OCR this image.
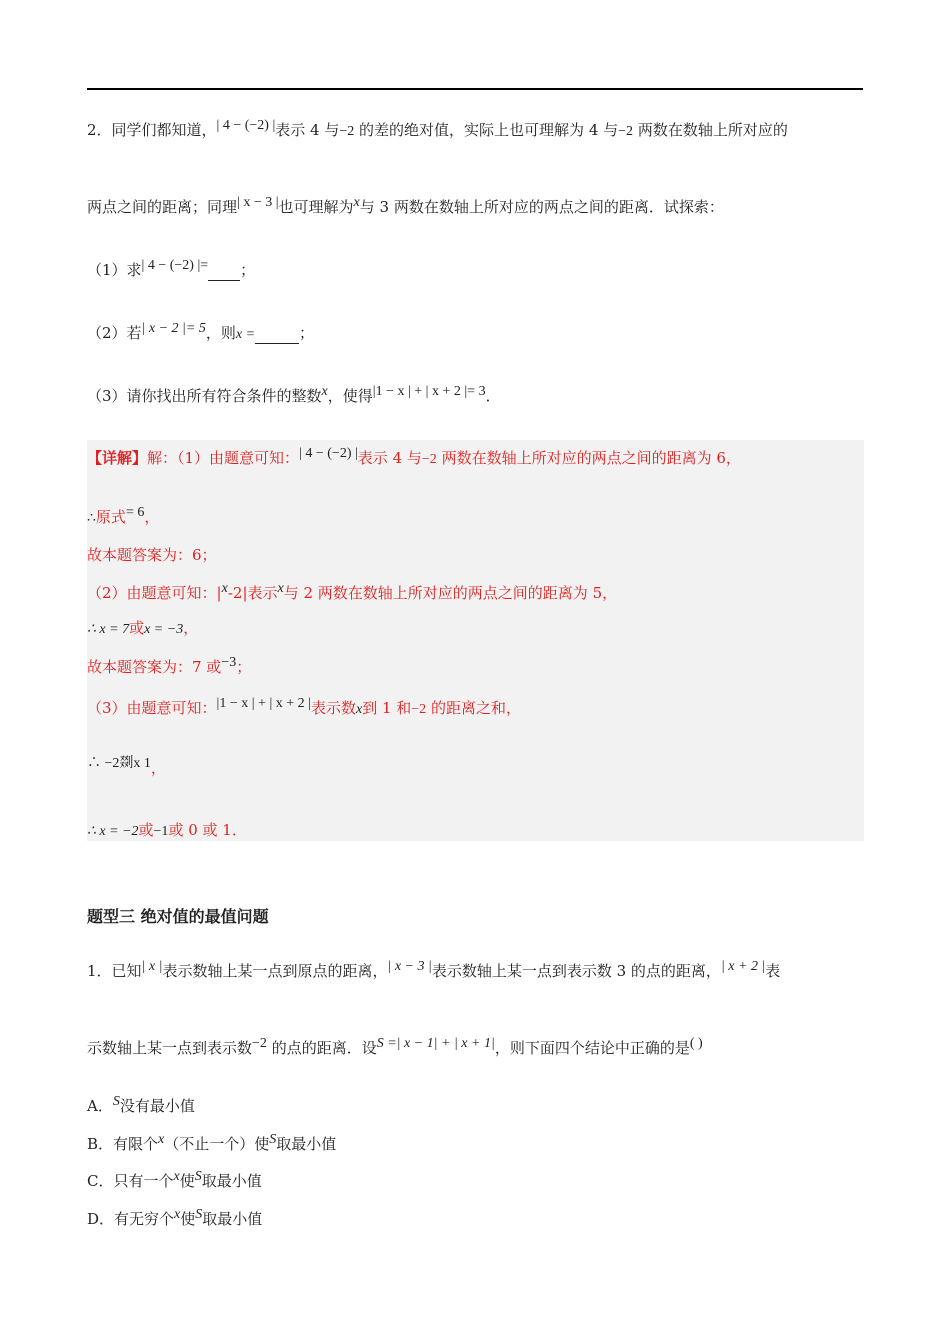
2．同学们都知道，| 4 − (−2) |表示 4 与−2 的差的绝对值，实际上也可理解为 4 与−2 两数在数轴上所对应的
两点之间的距离；同理| x − 3 |也可理解为x与 3 两数在数轴上所对应的两点之间的距离．试探索：
（1）求| 4 − (−2) |= ；
（2）若| x − 2 |= 5，则x =	；
（3）请你找出所有符合条件的整数x，使得|1 − x | + | x + 2 |= 3．
【详解】解：（1）由题意可知：| 4 − (−2) |表示 4 与−2 两数在数轴上所对应的两点之间的距离为 6，
∴原式= 6，
故本题答案为：6；
（2）由题意可知：|x-2|表示x与 2 两数在数轴上所对应的两点之间的距离为 5，
∴ x = 7或x = −3，
故本题答案为：7 或−3；
（3）由题意可知：|1 − x | + | x + 2 |表示数x到 1 和−2 的距离之和，
∴ −2剟x 1，
∴ x = −2或−1或 0 或 1．
题型三 绝对值的最值问题
1．已知| x |表示数轴上某一点到原点的距离，| x − 3 |表示数轴上某一点到表示数 3 的点的距离，| x + 2 |表
示数轴上某一点到表示数−2 的点的距离．设S =| x − 1| + | x + 1|，则下面四个结论中正确的是( )
A．S没有最小值
B．有限个x（不止一个）使S取最小值
C．只有一个x使S取最小值
D．有无穷个x使S取最小值
